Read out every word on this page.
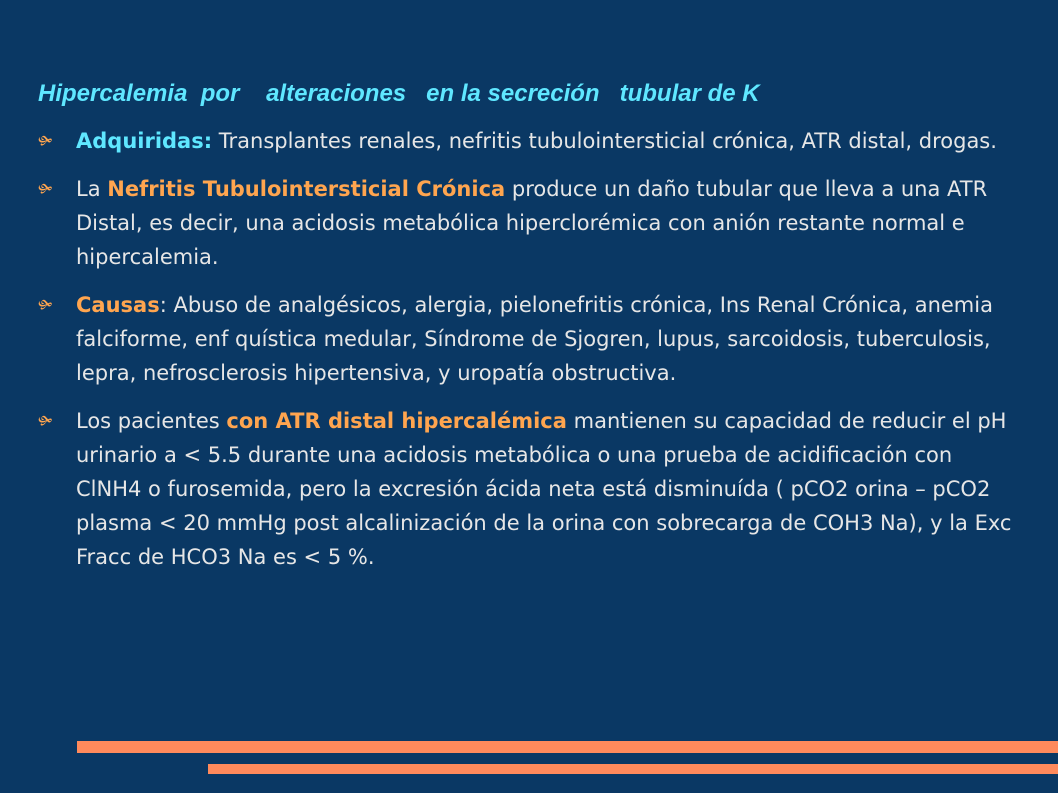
Hipercalemia  por    alteraciones   en la secreción   tubular de K
🙟 Adquiridas: Transplantes renales, nefritis tubulointersticial crónica, ATR distal, drogas.
🙟 La Nefritis Tubulointersticial Crónica produce un daño tubular que lleva a una ATR Distal, es decir, una acidosis metabólica hiperclorémica con anión restante normal e hipercalemia.
🙟 Causas: Abuso de analgésicos, alergia, pielonefritis crónica, Ins Renal Crónica, anemia falciforme, enf quística medular, Síndrome de Sjogren, lupus, sarcoidosis, tuberculosis, lepra, nefrosclerosis hipertensiva, y uropatía obstructiva.
🙟 Los pacientes con ATR distal hipercalémica mantienen su capacidad de reducir el pH urinario a < 5.5 durante una acidosis metabólica o una prueba de acidificación con ClNH4 o furosemida, pero la excresión ácida neta está disminuída ( pCO2 orina – pCO2 plasma < 20 mmHg post alcalinización de la orina con sobrecarga de COH3 Na), y la Exc Fracc de HCO3 Na es < 5 %.
